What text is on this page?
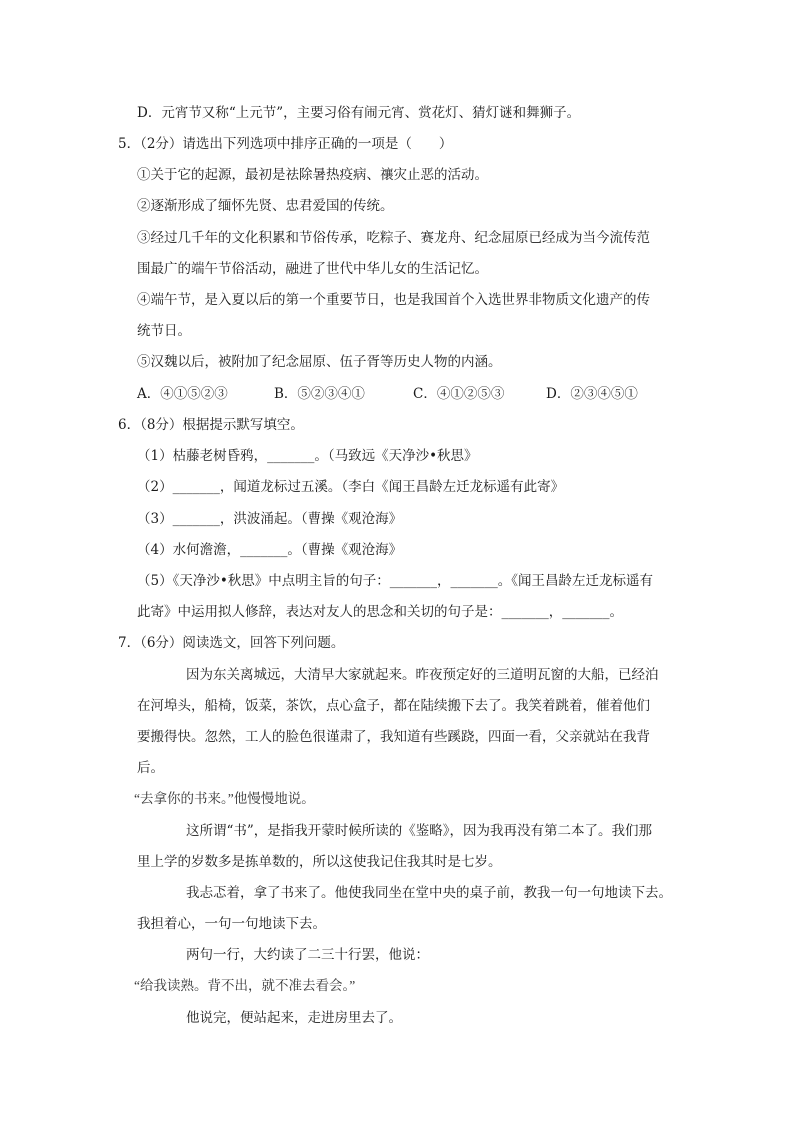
D．元宵节又称“上元节”，主要习俗有闹元宵、赏花灯、猜灯谜和舞狮子。
5．（2分）请选出下列选项中排序正确的一项是（　　）
①关于它的起源，最初是祛除暑热疫病、禳灾止恶的活动。
②逐渐形成了缅怀先贤、忠君爱国的传统。
③经过几千年的文化积累和节俗传承，吃粽子、赛龙舟、纪念屈原已经成为当今流传范
围最广的端午节俗活动，融进了世代中华儿女的生活记忆。
④端午节，是入夏以后的第一个重要节日，也是我国首个入选世界非物质文化遗产的传
统节日。
⑤汉魏以后，被附加了纪念屈原、伍子胥等历史人物的内涵。
A．④①⑤②③	B．⑤②③④①	C．④①②⑤③	D．②③④⑤①
6．（8分）根据提示默写填空。
（1）枯藤老树昏鸦，_______。（马致远《天净沙•秋思》
（2）_______，闻道龙标过五溪。（李白《闻王昌龄左迁龙标遥有此寄》
（3）_______，洪波涌起。（曹操《观沧海》
（4）水何澹澹，_______。（曹操《观沧海》
（5）《天净沙•秋思》中点明主旨的句子：_______，_______。《闻王昌龄左迁龙标遥有
此寄》中运用拟人修辞，表达对友人的思念和关切的句子是：_______，_______。
7．（6分）阅读选文，回答下列问题。
因为东关离城远，大清早大家就起来。昨夜预定好的三道明瓦窗的大船，已经泊
在河埠头，船椅，饭菜，茶饮，点心盒子，都在陆续搬下去了。我笑着跳着，催着他们
要搬得快。忽然，工人的脸色很谨肃了，我知道有些蹊跷，四面一看，父亲就站在我背
后。
“去拿你的书来。”他慢慢地说。
这所谓“书”，是指我开蒙时候所读的《鉴略》，因为我再没有第二本了。我们那
里上学的岁数多是拣单数的，所以这使我记住我其时是七岁。
我忐忑着，拿了书来了。他使我同坐在堂中央的桌子前，教我一句一句地读下去。
我担着心，一句一句地读下去。
两句一行，大约读了二三十行罢，他说：
“给我读熟。背不出，就不准去看会。”
他说完，便站起来，走进房里去了。
